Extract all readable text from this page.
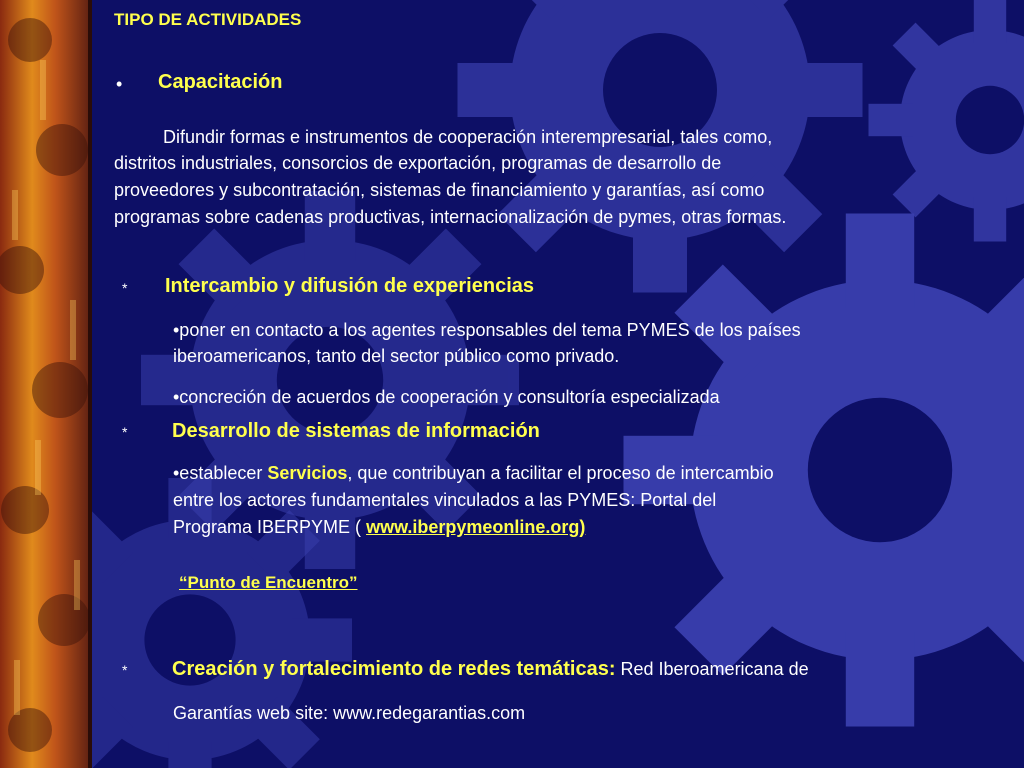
TIPO DE ACTIVIDADES

• Capacitación

Difundir formas e instrumentos de cooperación interempresarial, tales como,

distritos industriales, consorcios de exportación, programas de desarrollo de

proveedores y subcontratación, sistemas de financiamiento y garantías, así como

programas sobre cadenas productivas, internacionalización de pymes, otras formas.

* Intercambio y difusión de experiencias

•poner en contacto a los agentes responsables del tema PYMES de los países

iberoamericanos, tanto del sector público como privado.

•concreción de acuerdos de cooperación y consultoría especializada

* Desarrollo de sistemas de información

•establecer Servicios, que contribuyan a facilitar el proceso de intercambio

entre los actores fundamentales vinculados a las PYMES: Portal del

Programa IBERPYME ( www.iberpymeonline.org)

“Punto de Encuentro”

* Creación y fortalecimiento de redes temáticas: Red Iberoamericana de

Garantías web site: www.redegarantias.com
